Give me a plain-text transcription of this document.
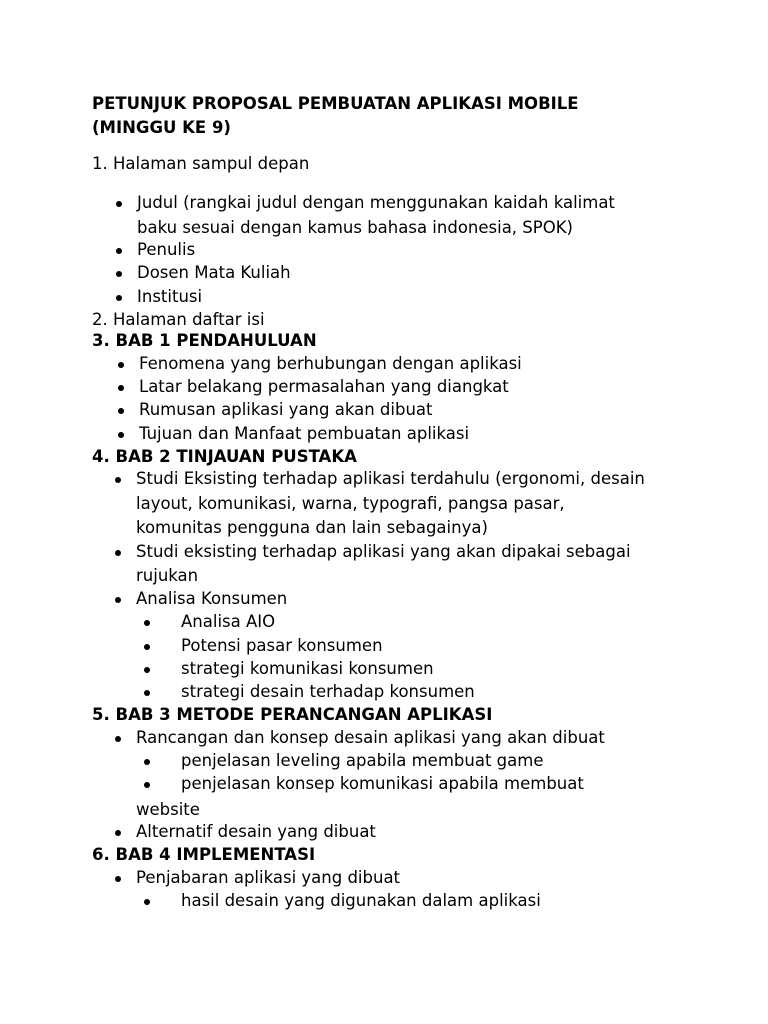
PETUNJUK PROPOSAL PEMBUATAN APLIKASI MOBILE
(MINGGU KE 9)
1. Halaman sampul depan
Judul (rangkai judul dengan menggunakan kaidah kalimat
baku sesuai dengan kamus bahasa indonesia, SPOK)
Penulis
Dosen Mata Kuliah
Institusi
2. Halaman daftar isi
3. BAB 1 PENDAHULUAN
Fenomena yang berhubungan dengan aplikasi
Latar belakang permasalahan yang diangkat
Rumusan aplikasi yang akan dibuat
Tujuan dan Manfaat pembuatan aplikasi
4. BAB 2 TINJAUAN PUSTAKA
Studi Eksisting terhadap aplikasi terdahulu (ergonomi, desain
layout, komunikasi, warna, typografi, pangsa pasar,
komunitas pengguna dan lain sebagainya)
Studi eksisting terhadap aplikasi yang akan dipakai sebagai
rujukan
Analisa Konsumen
Analisa AIO
Potensi pasar konsumen
strategi komunikasi konsumen
strategi desain terhadap konsumen
5. BAB 3 METODE PERANCANGAN APLIKASI
Rancangan dan konsep desain aplikasi yang akan dibuat
penjelasan leveling apabila membuat game
penjelasan konsep komunikasi apabila membuat
website
Alternatif desain yang dibuat
6. BAB 4 IMPLEMENTASI
Penjabaran aplikasi yang dibuat
hasil desain yang digunakan dalam aplikasi
